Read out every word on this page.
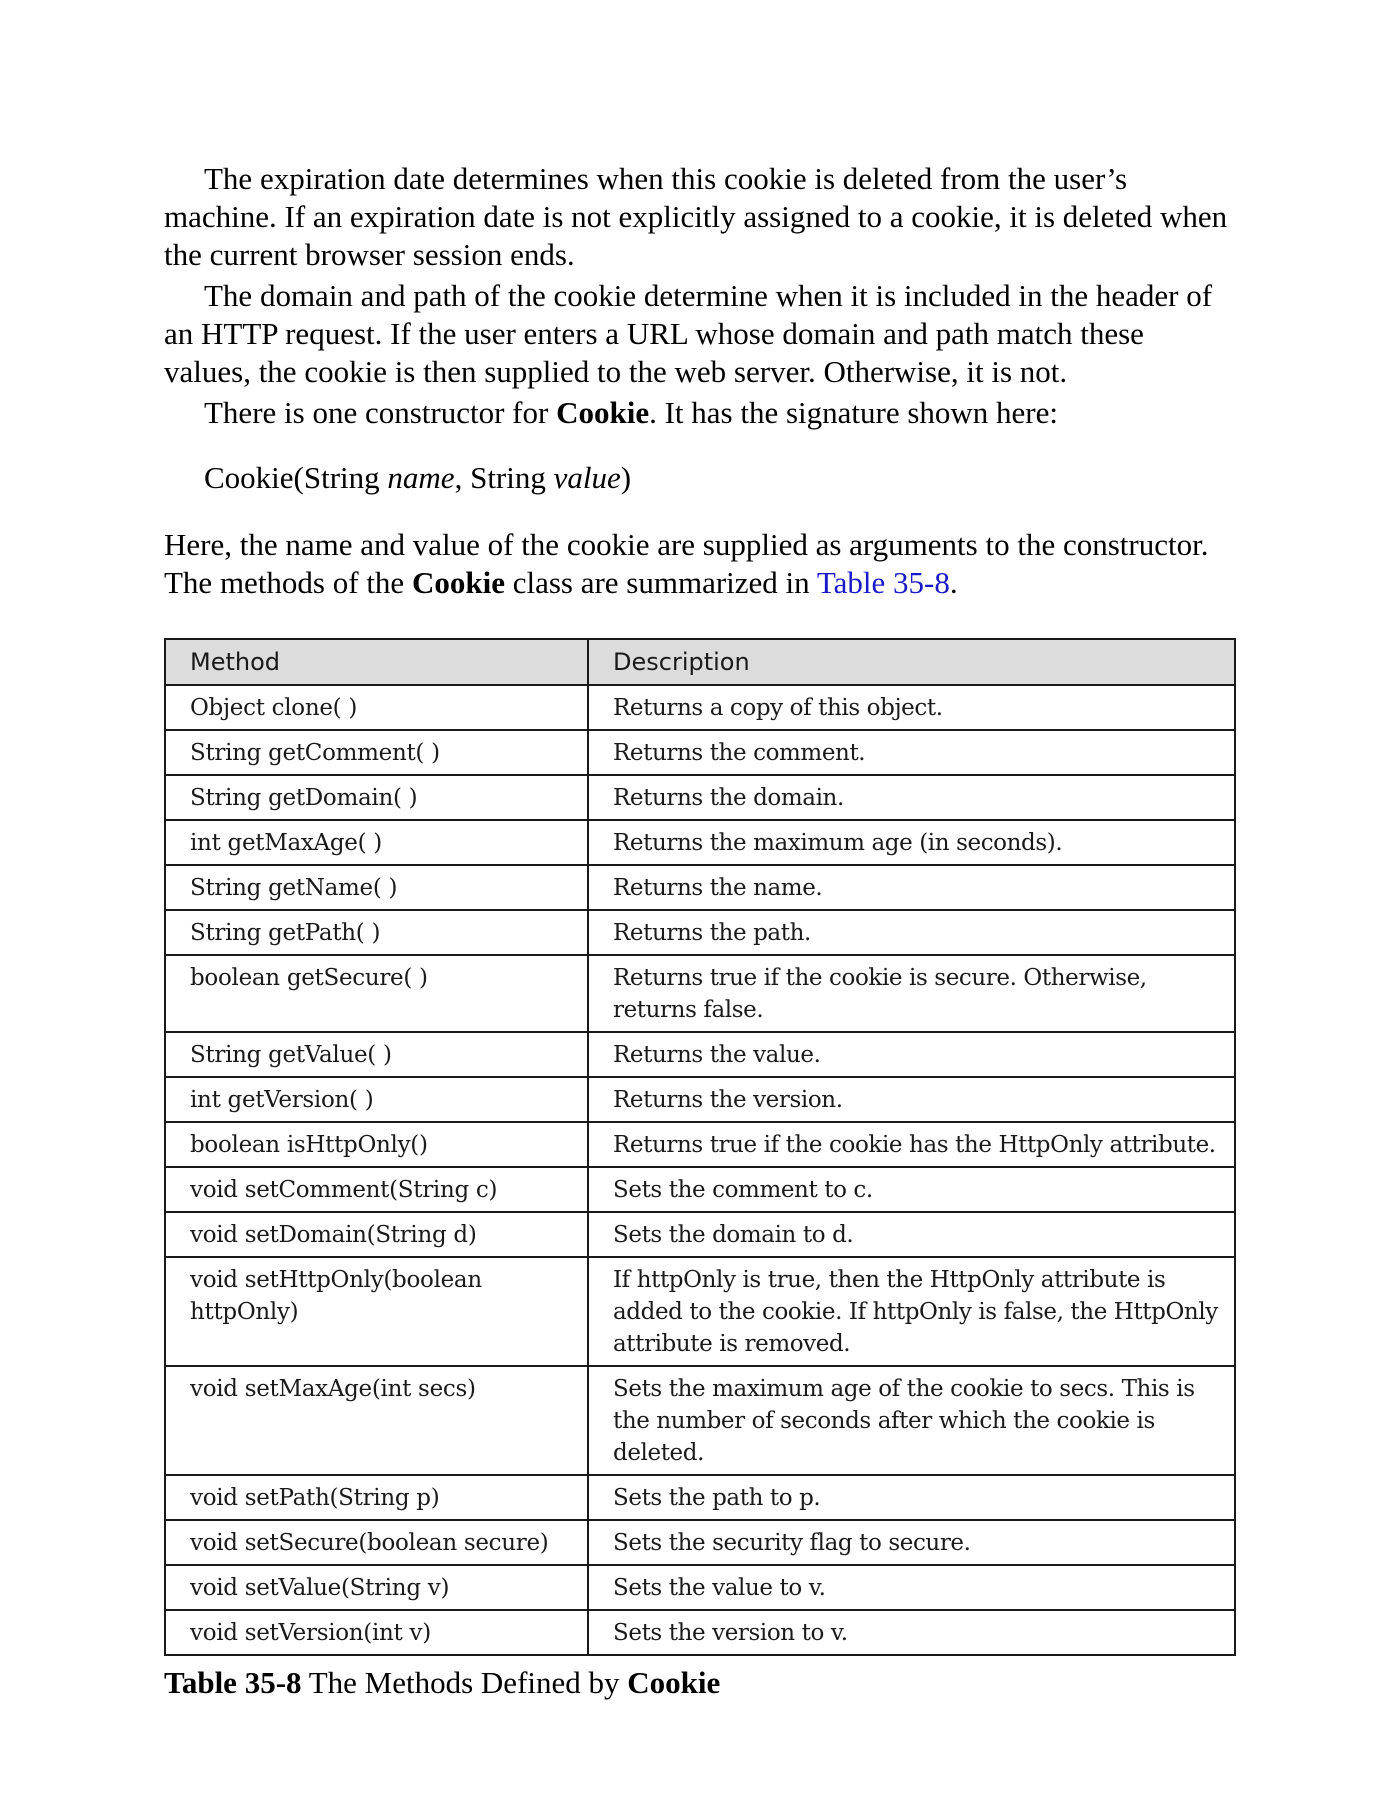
The expiration date determines when this cookie is deleted from the user’s machine. If an expiration date is not explicitly assigned to a cookie, it is deleted when the current browser session ends.

The domain and path of the cookie determine when it is included in the header of an HTTP request. If the user enters a URL whose domain and path match these values, the cookie is then supplied to the web server. Otherwise, it is not.

There is one constructor for Cookie. It has the signature shown here:

Cookie(String name, String value)

Here, the name and value of the cookie are supplied as arguments to the constructor. The methods of the Cookie class are summarized in Table 35-8.

Method	Description
Object clone( )	Returns a copy of this object.
String getComment( )	Returns the comment.
String getDomain( )	Returns the domain.
int getMaxAge( )	Returns the maximum age (in seconds).
String getName( )	Returns the name.
String getPath( )	Returns the path.
boolean getSecure( )	Returns true if the cookie is secure. Otherwise, returns false.
String getValue( )	Returns the value.
int getVersion( )	Returns the version.
boolean isHttpOnly()	Returns true if the cookie has the HttpOnly attribute.
void setComment(String c)	Sets the comment to c.
void setDomain(String d)	Sets the domain to d.
void setHttpOnly(boolean httpOnly)	If httpOnly is true, then the HttpOnly attribute is added to the cookie. If httpOnly is false, the HttpOnly attribute is removed.
void setMaxAge(int secs)	Sets the maximum age of the cookie to secs. This is the number of seconds after which the cookie is deleted.
void setPath(String p)	Sets the path to p.
void setSecure(boolean secure)	Sets the security flag to secure.
void setValue(String v)	Sets the value to v.
void setVersion(int v)	Sets the version to v.
Table 35-8 The Methods Defined by Cookie
